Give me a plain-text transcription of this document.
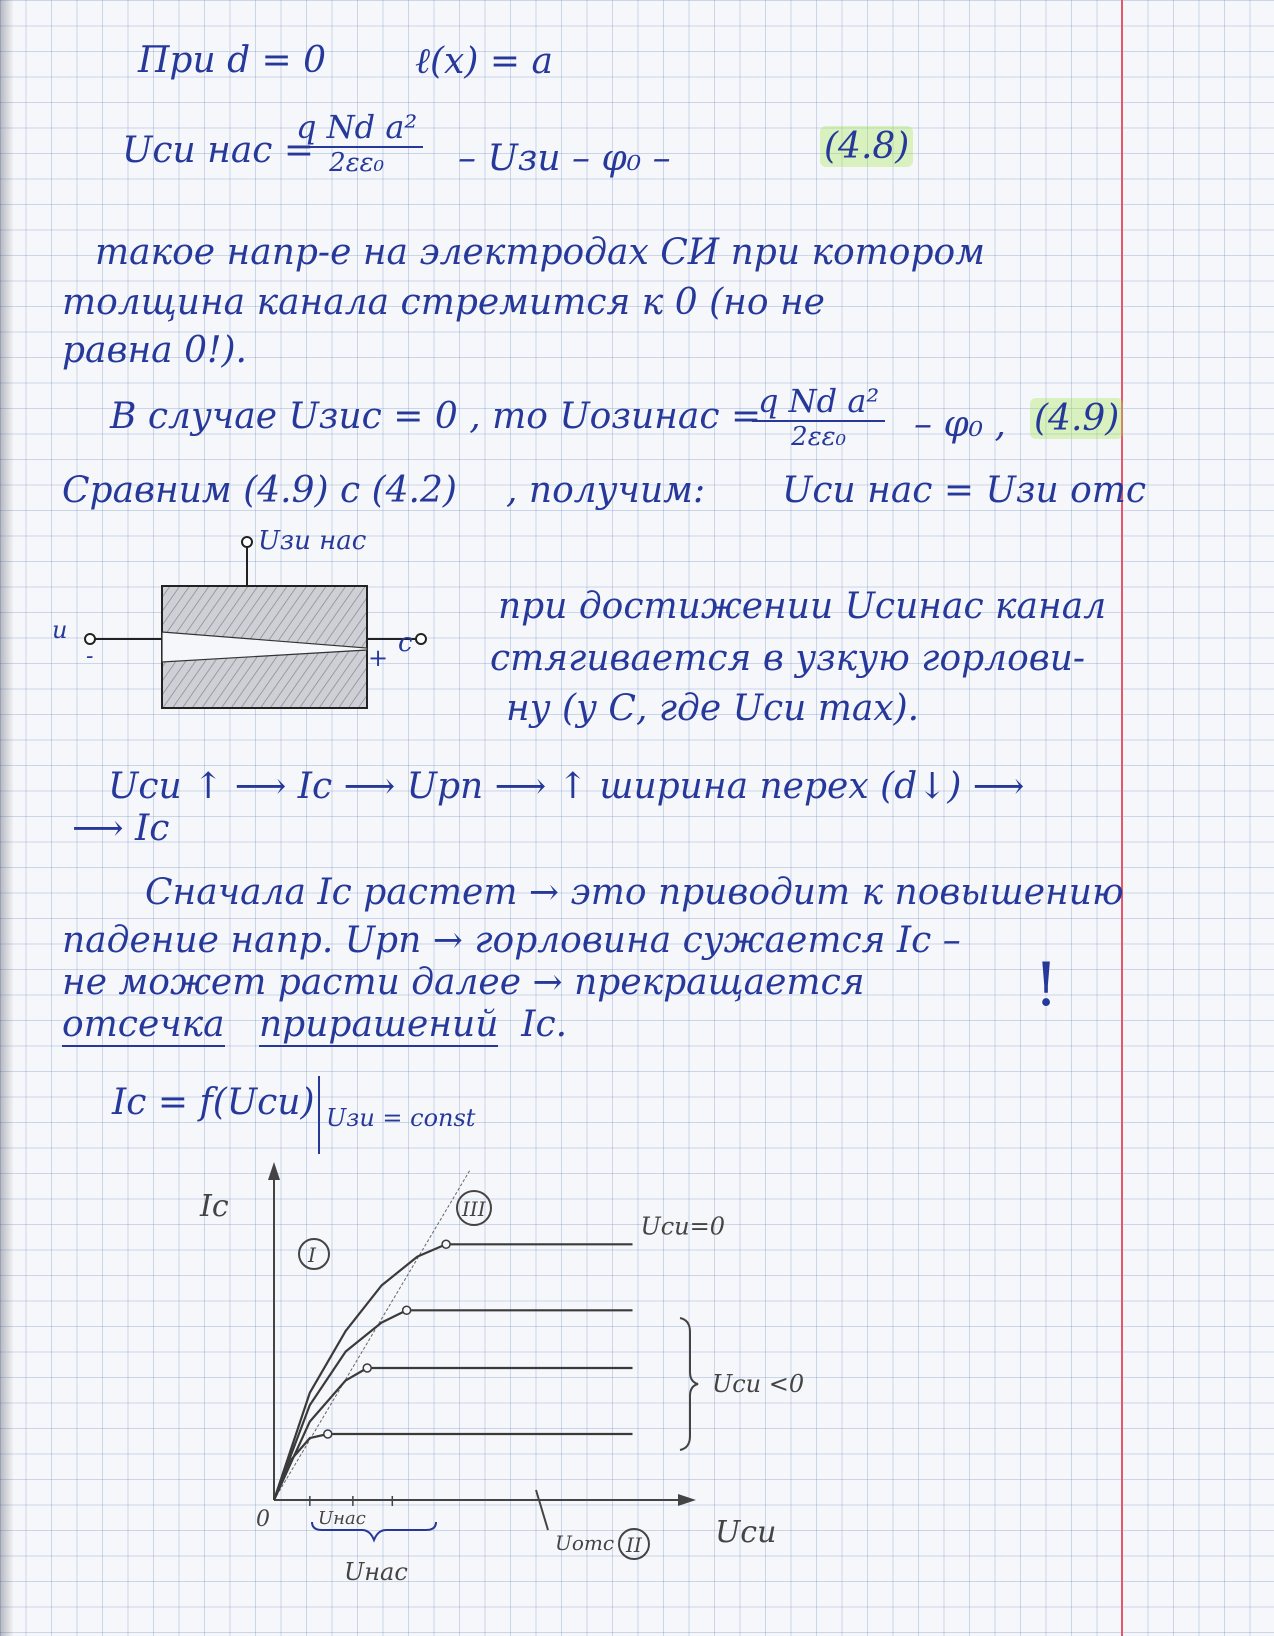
При d = 0 ℓ(x) = a
Uси нас =
q Nd a²
2εε₀	– Uзи – φ₀ –	(4.8)
такое напр-е на электродах СИ при котором
толщина канала стремится к 0 (но не
равна 0!).
В случае Uзис = 0 , то Uозинас =
q Nd a²
2εε₀	– φ₀ , (4.9)
Сравним (4.9) с (4.2) , получим: Uси нас = Uзи отс
Uзи нас
и
-	с
+
при достижении Uсинас канал
стягивается в узкую горлови-
ну (у С, где Uси max).
Uси ↑ ⟶ Iс ⟶ Uрп ⟶ ↑ ширина перех (d↓) ⟶
⟶ Iс
Сначала Iс растет → это приводит к повышению
падение напр. Uрп → горловина сужается Iс –
не может расти далее → прекращается
отсечка прирашений Iс.
!
Iс = f(Uси) Uзи = const
Iс
Uси
0
I
III
Uси <0
Uнас
II
Uнас
Uотс
Uси=0
